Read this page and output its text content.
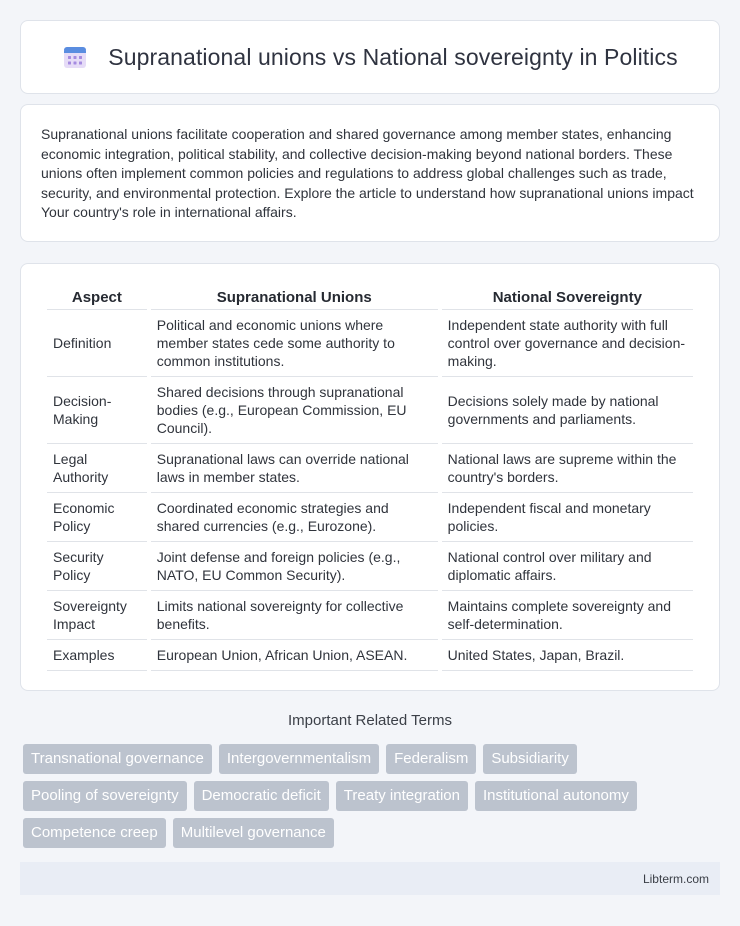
Supranational unions vs National sovereignty in Politics

Supranational unions facilitate cooperation and shared governance among member states, enhancing economic integration, political stability, and collective decision-making beyond national borders. These unions often implement common policies and regulations to address global challenges such as trade, security, and environmental protection. Explore the article to understand how supranational unions impact Your country's role in international affairs.

Aspect	Supranational Unions	National Sovereignty
Definition	Political and economic unions where member states cede some authority to common institutions.	Independent state authority with full control over governance and decision-making.
Decision-Making	Shared decisions through supranational bodies (e.g., European Commission, EU Council).	Decisions solely made by national governments and parliaments.
Legal Authority	Supranational laws can override national laws in member states.	National laws are supreme within the country's borders.
Economic Policy	Coordinated economic strategies and shared currencies (e.g., Eurozone).	Independent fiscal and monetary policies.
Security Policy	Joint defense and foreign policies (e.g., NATO, EU Common Security).	National control over military and diplomatic affairs.
Sovereignty Impact	Limits national sovereignty for collective benefits.	Maintains complete sovereignty and self-determination.
Examples	European Union, African Union, ASEAN.	United States, Japan, Brazil.
Important Related Terms
Transnational governance	Intergovernmentalism	Federalism	Subsidiarity
Pooling of sovereignty	Democratic deficit	Treaty integration	Institutional autonomy
Competence creep	Multilevel governance
Libterm.com
